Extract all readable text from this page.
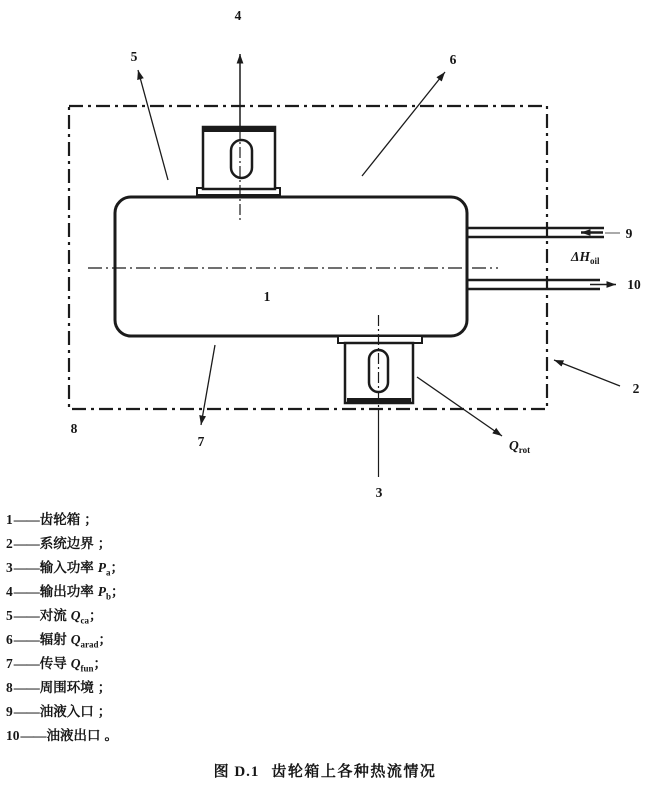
4
5	6
1
9
10
2
8
7
3
$\Delta H_{oil}$
$Q_{rot}$
1——齿轮箱 ；
2——系统边界 ；
3——输入功率 $P_a$；
4——输出功率 $P_b$；
5——对流 $Q_{ca}$；
6——辐射 $Q_{arad}$；
7——传导 $Q_{fun}$；
8——周围环境 ；
9——油液入口 ；
10——油液出口 。
图 D.1 齿轮箱上各种热流情况
